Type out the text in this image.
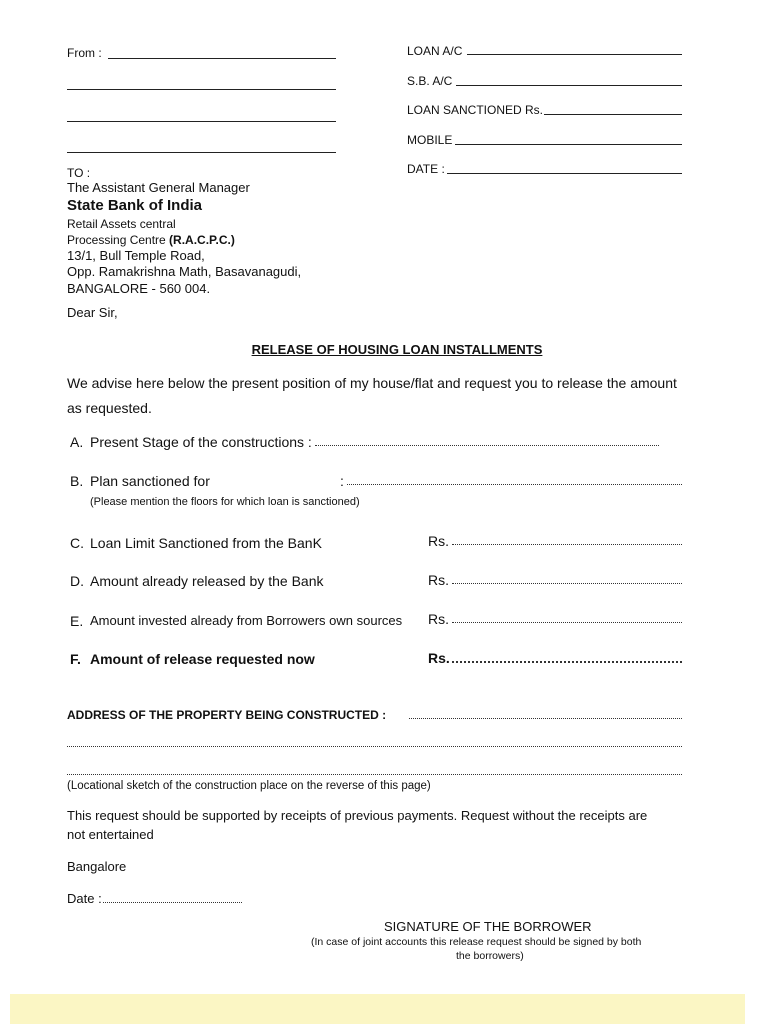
From :	LOAN A/C
S.B. A/C
LOAN SANCTIONED Rs.
MOBILE
DATE :
TO :
The Assistant General Manager
State Bank of India
Retail Assets central
Processing Centre (R.A.C.P.C.)
13/1, Bull Temple Road,
Opp. Ramakrishna Math, Basavanagudi,
BANGALORE - 560 004.
Dear Sir,
RELEASE OF HOUSING LOAN INSTALLMENTS
We advise here below the present position of my house/flat and request you to release the amount
as requested.
A. Present Stage of the constructions :
B. Plan sanctioned for	:
(Please mention the floors for which loan is sanctioned)
C. Loan Limit Sanctioned from the BanK	Rs.
D. Amount already released by the Bank	Rs.
E. Amount invested already from Borrowers own sources Rs.
F. Amount of release requested now	Rs.
ADDRESS OF THE PROPERTY BEING CONSTRUCTED :
(Locational sketch of the construction place on the reverse of this page)
This request should be supported by receipts of previous payments. Request without the receipts are
not entertained
Bangalore
Date :
SIGNATURE OF THE BORROWER
(In case of joint accounts this release request should be signed by both
the borrowers)
